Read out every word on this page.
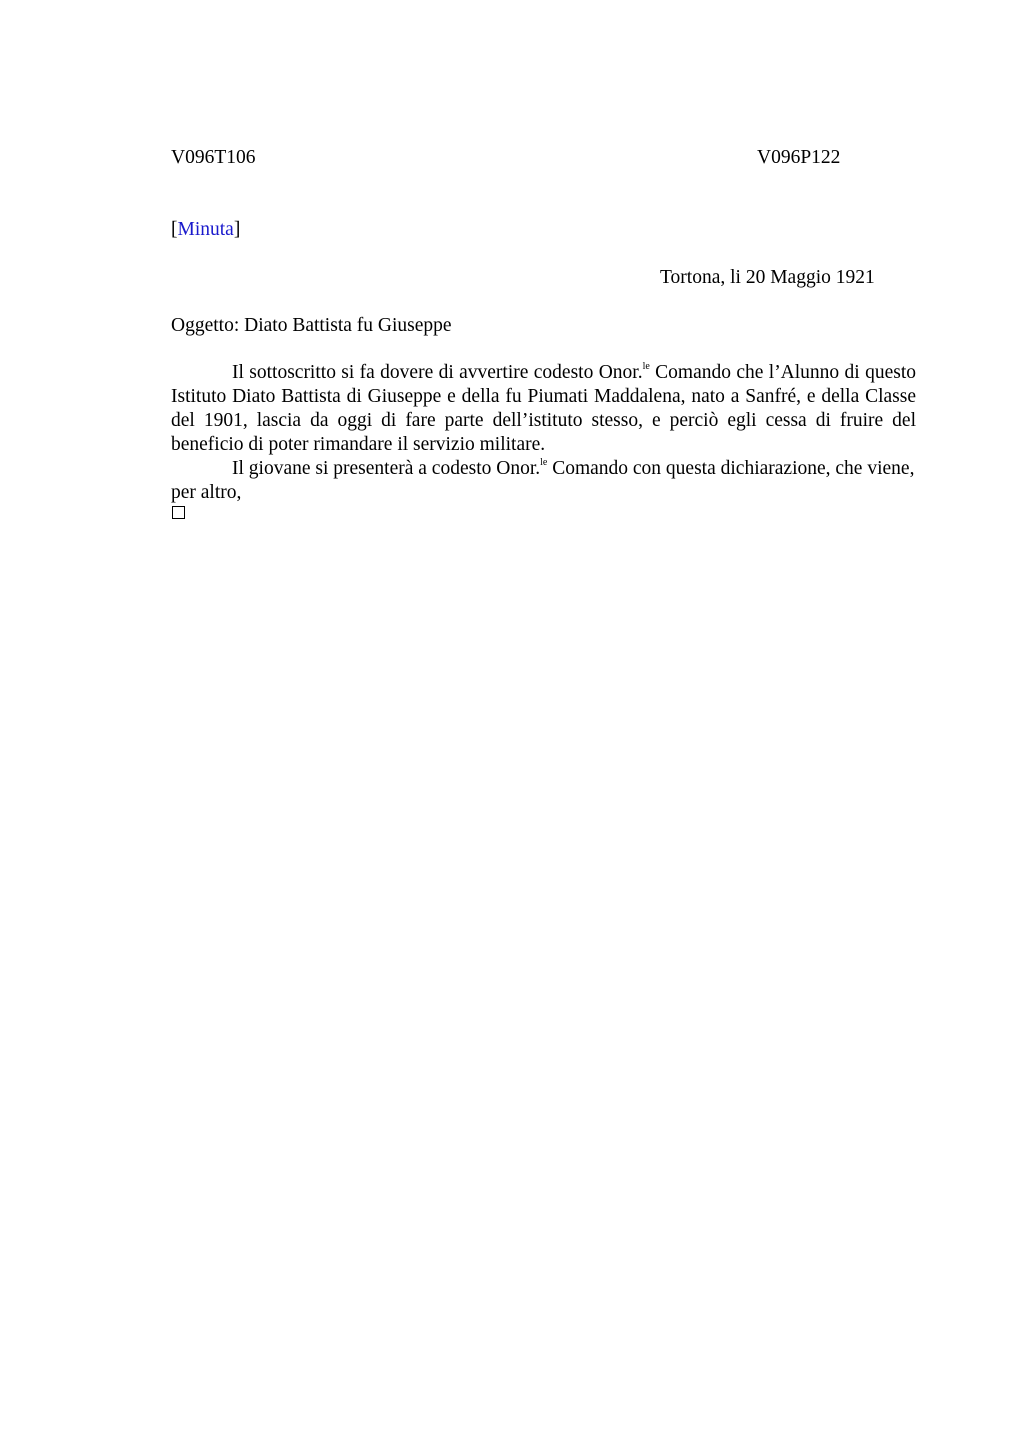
V096T106	V096P122
[Minuta]
Tortona, li 20 Maggio 1921
Oggetto: Diato Battista fu Giuseppe

Il sottoscritto si fa dovere di avvertire codesto Onor.$^{le}$ Comando che l’Alunno di questo Istituto Diato Battista di Giuseppe e della fu Piumati Maddalena, nato a Sanfré, e della Classe del 1901, lascia da oggi di fare parte dell’istituto stesso, e perciò egli cessa di fruire del beneficio di poter rimandare il servizio militare.

Il giovane si presenterà a codesto Onor.$^{le}$ Comando con questa dichiarazione, che viene, per altro,
